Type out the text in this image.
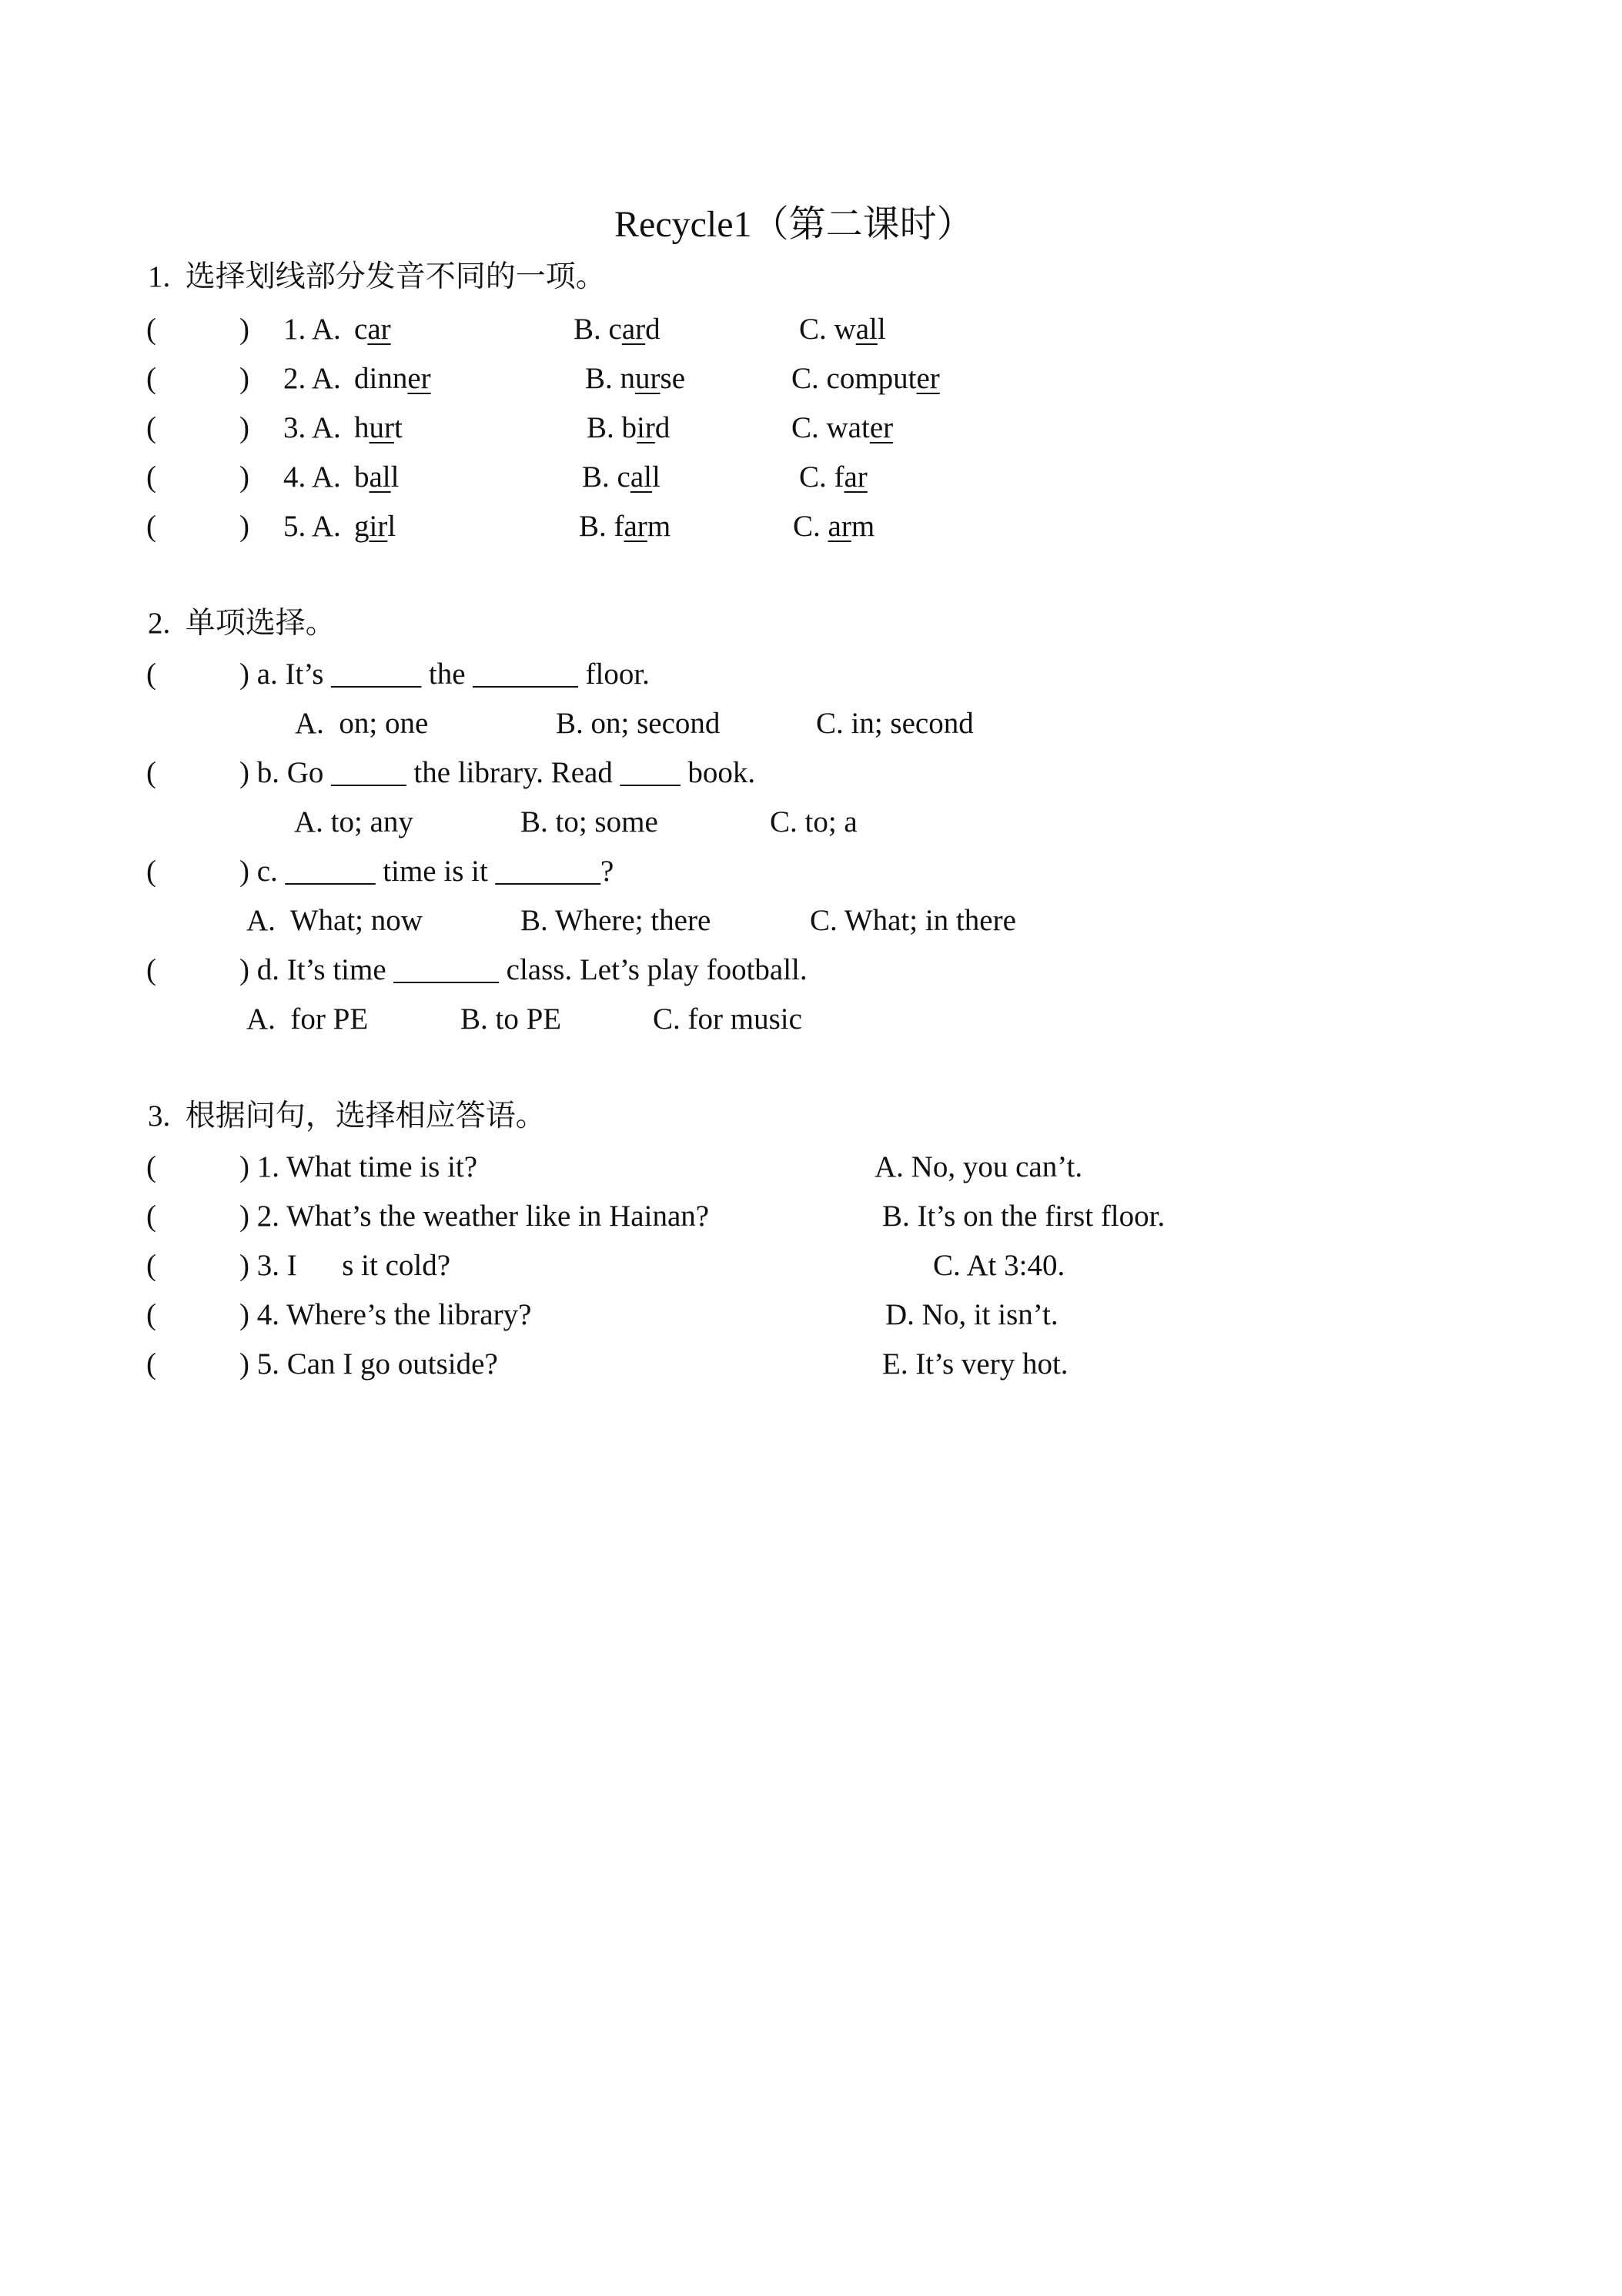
Recycle1（第二课时）
1.  选择划线部分发音不同的一项。
(	) 1. A. car	B. card	C. wall
(	) 2. A. dinner	B. nurse	C. computer
(	) 3. A. hurt	B. bird	C. water
(	) 4. A. ball	B. call	C. far
(	) 5. A. girl	B. farm	C. arm
2.  单项选择。
(	) a. It’s ______ the _______ floor.
A.  on; one	B. on; second	C. in; second
(	) b. Go _____ the library. Read ____ book.
A. to; any	B. to; some	C. to; a
(	) c. ______ time is it _______?
A.  What; now	B. Where; there	C. What; in there
(	) d. It’s time _______ class. Let’s play football.
A.  for PE	B. to PE	C. for music
3.  根据问句，选择相应答语。
(	) 1. What time is it?	A. No, you can’t.
(	) 2. What’s the weather like in Hainan?	B. It’s on the first floor.
(	) 3. I      s it cold?	C. At 3:40.
(	) 4. Where’s the library?	D. No, it isn’t.
(	) 5. Can I go outside?	E. It’s very hot.
